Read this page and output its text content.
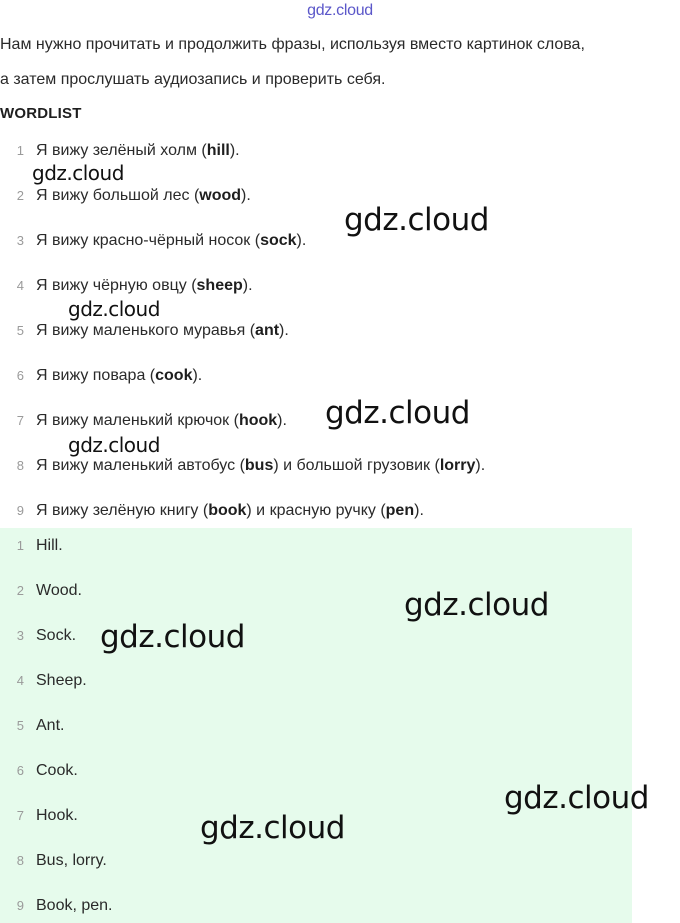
gdz.cloud
Нам нужно прочитать и продолжить фразы, используя вместо картинок слова,
а затем прослушать аудиозапись и проверить себя.
WORDLIST
1 Я вижу зелёный холм (hill).
2 Я вижу большой лес (wood).
3 Я вижу красно-чёрный носок (sock).
4 Я вижу чёрную овцу (sheep).
5 Я вижу маленького муравья (ant).
6 Я вижу повара (cook).
7 Я вижу маленький крючок (hook).
8 Я вижу маленький автобус (bus) и большой грузовик (lorry).
9 Я вижу зелёную книгу (book) и красную ручку (pen).
1 Hill.
2 Wood.
3 Sock.
4 Sheep.
5 Ant.
6 Cook.
7 Hook.
8 Bus, lorry.
9 Book, pen.
gdz.cloud
gdz.cloud
gdz.cloud
gdz.cloud
gdz.cloud
gdz.cloud
gdz.cloud
gdz.cloud
gdz.cloud
